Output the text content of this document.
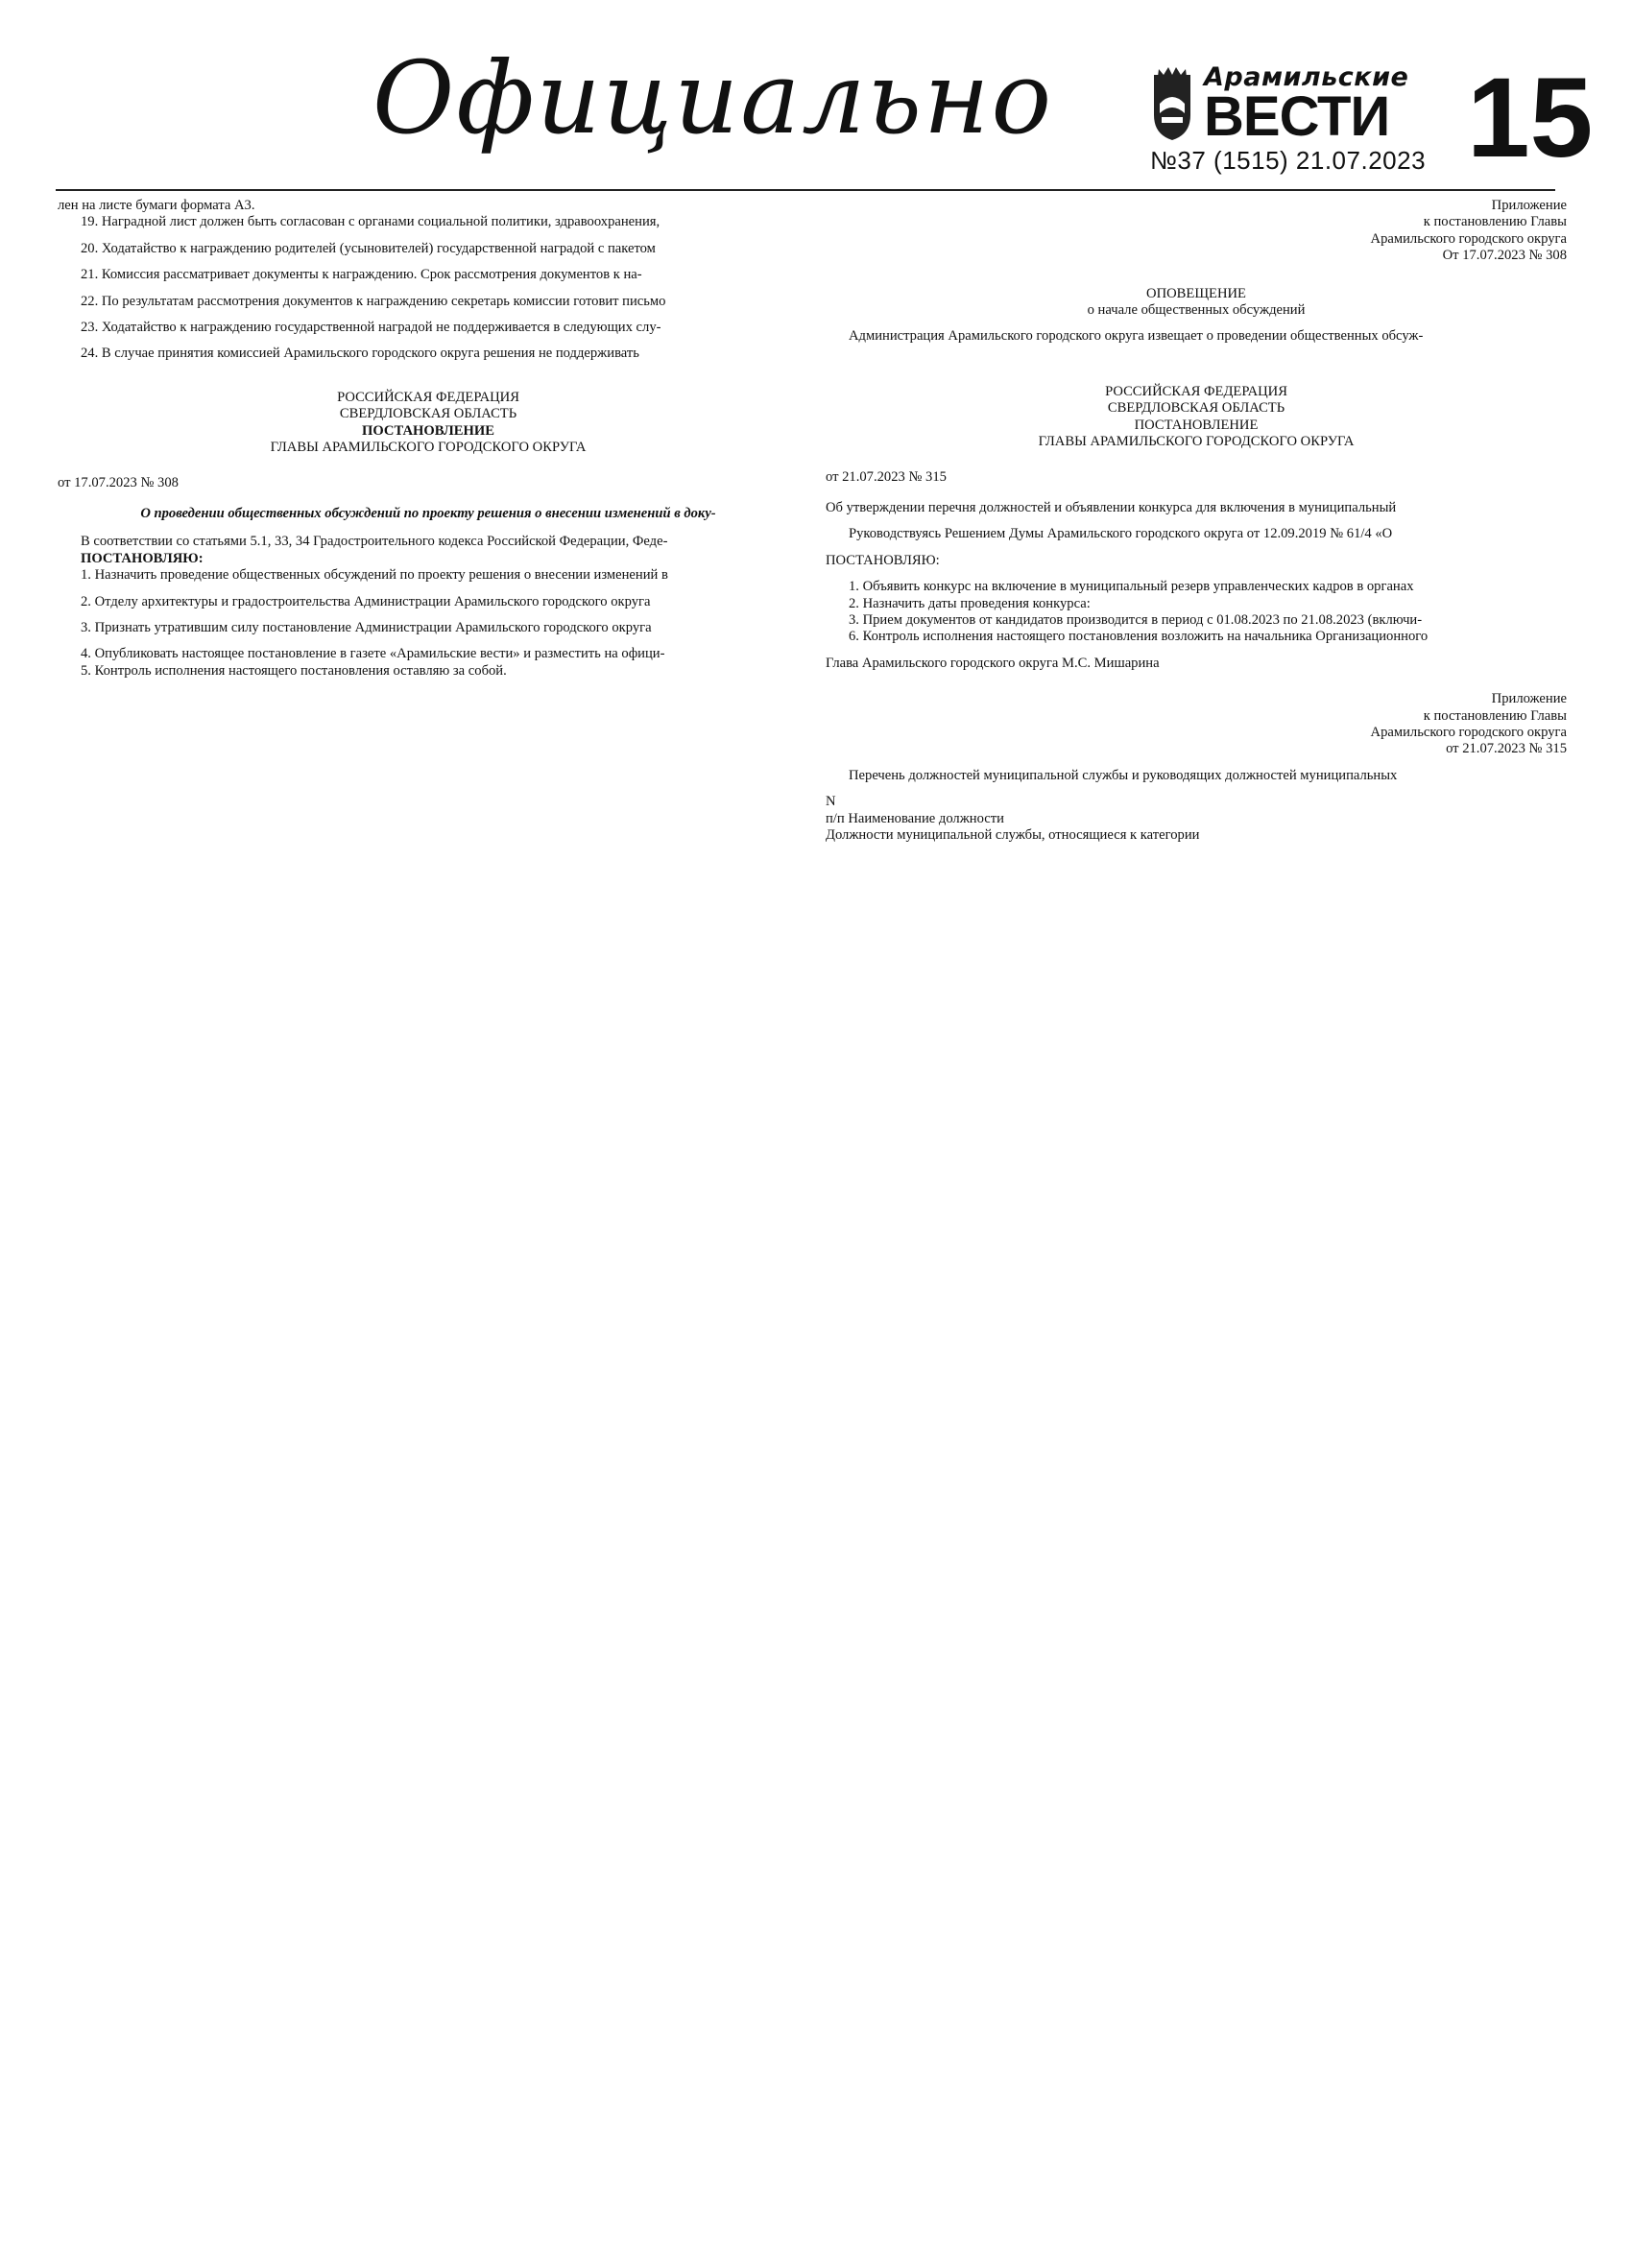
Официально	Арамильские
ВЕСТИ
№37 (1515) 21.07.2023 15

лен на листе бумаги формата А3.

19. Наградной лист должен быть согласован с органами социальной политики, здравоохранения,

20. Ходатайство к награждению родителей (усыновителей) государственной наградой с пакетом

21. Комиссия рассматривает документы к награждению. Срок рассмотрения документов к на-

22. По результатам рассмотрения документов к награждению секретарь комиссии готовит письмо

23. Ходатайство к награждению государственной наградой не поддерживается в следующих слу-

24. В случае принятия комиссией Арамильского городского округа решения не поддерживать

РОССИЙСКАЯ ФЕДЕРАЦИЯ
СВЕРДЛОВСКАЯ ОБЛАСТЬ
ПОСТАНОВЛЕНИЕ
ГЛАВЫ АРАМИЛЬСКОГО ГОРОДСКОГО ОКРУГА
от 17.07.2023 № 308
О проведении общественных обсуждений по проекту решения о внесении изменений в доку-

В соответствии со статьями 5.1, 33, 34 Градостроительного кодекса Российской Федерации, Феде-

ПОСТАНОВЛЯЮ:

1. Назначить проведение общественных обсуждений по проекту решения о внесении изменений в

2. Отделу архитектуры и градостроительства Администрации Арамильского городского округа

3. Признать утратившим силу постановление Администрации Арамильского городского округа

4. Опубликовать настоящее постановление в газете «Арамильские вести» и разместить на офици-

5. Контроль исполнения настоящего постановления оставляю за собой.

Приложение
к постановлению Главы
Арамильского городского округа
От 17.07.2023 № 308
ОПОВЕЩЕНИЕ
о начале общественных обсуждений

Администрация Арамильского городского округа извещает о проведении общественных обсуж-

РОССИЙСКАЯ ФЕДЕРАЦИЯ
СВЕРДЛОВСКАЯ ОБЛАСТЬ
ПОСТАНОВЛЕНИЕ
ГЛАВЫ АРАМИЛЬСКОГО ГОРОДСКОГО ОКРУГА
от 21.07.2023 № 315
Об утверждении перечня должностей и объявлении конкурса для включения в муниципальный

Руководствуясь Решением Думы Арамильского городского округа от 12.09.2019 № 61/4 «О

ПОСТАНОВЛЯЮ:

1. Объявить конкурс на включение в муниципальный резерв управленческих кадров в органах

2. Назначить даты проведения конкурса:

3. Прием документов от кандидатов производится в период с 01.08.2023 по 21.08.2023 (включи-

6. Контроль исполнения настоящего постановления возложить на начальника Организационного

Глава Арамильского городского округа М.С. Мишарина

Приложение
к постановлению Главы
Арамильского городского округа
от 21.07.2023 № 315

Перечень должностей муниципальной службы и руководящих должностей муниципальных

N

п/п Наименование должности

Должности муниципальной службы, относящиеся к категории
